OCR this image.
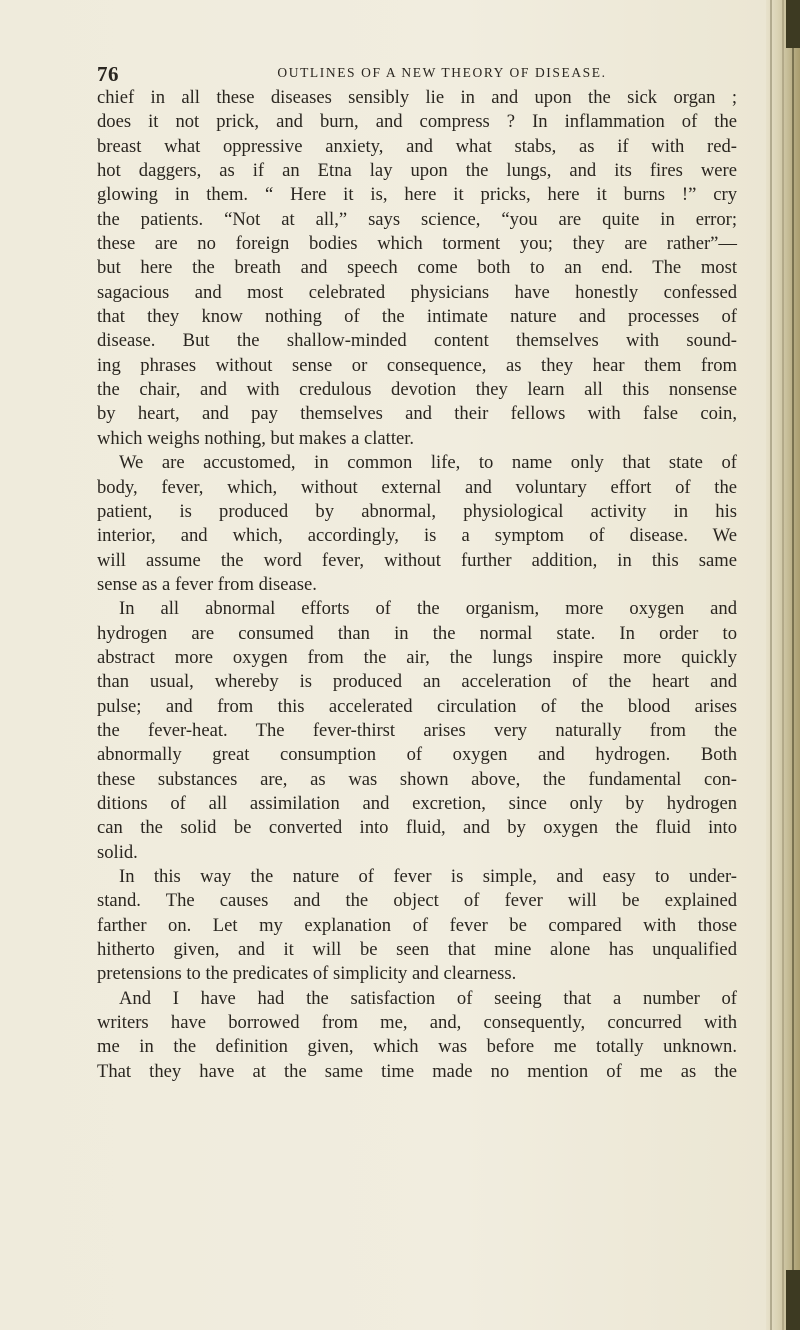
76	OUTLINES OF A NEW THEORY OF DISEASE.
chief in all these diseases sensibly lie in and upon the sick organ ;
does it not prick, and burn, and compress ? In inflammation of the
breast what oppressive anxiety, and what stabs, as if with red-
hot daggers, as if an Etna lay upon the lungs, and its fires were
glowing in them. “ Here it is, here it pricks, here it burns !” cry
the patients. “Not at all,” says science, “you are quite in error;
these are no foreign bodies which torment you; they are rather”—
but here the breath and speech come both to an end. The most
sagacious and most celebrated physicians have honestly confessed
that they know nothing of the intimate nature and processes of
disease. But the shallow-minded content themselves with sound-
ing phrases without sense or consequence, as they hear them from
the chair, and with credulous devotion they learn all this nonsense
by heart, and pay themselves and their fellows with false coin,
which weighs nothing, but makes a clatter.
We are accustomed, in common life, to name only that state of
body, fever, which, without external and voluntary effort of the
patient, is produced by abnormal, physiological activity in his
interior, and which, accordingly, is a symptom of disease. We
will assume the word fever, without further addition, in this same
sense as a fever from disease.
In all abnormal efforts of the organism, more oxygen and
hydrogen are consumed than in the normal state. In order to
abstract more oxygen from the air, the lungs inspire more quickly
than usual, whereby is produced an acceleration of the heart and
pulse; and from this accelerated circulation of the blood arises
the fever-heat. The fever-thirst arises very naturally from the
abnormally great consumption of oxygen and hydrogen. Both
these substances are, as was shown above, the fundamental con-
ditions of all assimilation and excretion, since only by hydrogen
can the solid be converted into fluid, and by oxygen the fluid into
solid.
In this way the nature of fever is simple, and easy to under-
stand. The causes and the object of fever will be explained
farther on. Let my explanation of fever be compared with those
hitherto given, and it will be seen that mine alone has unqualified
pretensions to the predicates of simplicity and clearness.
And I have had the satisfaction of seeing that a number of
writers have borrowed from me, and, consequently, concurred with
me in the definition given, which was before me totally unknown.
That they have at the same time made no mention of me as the
